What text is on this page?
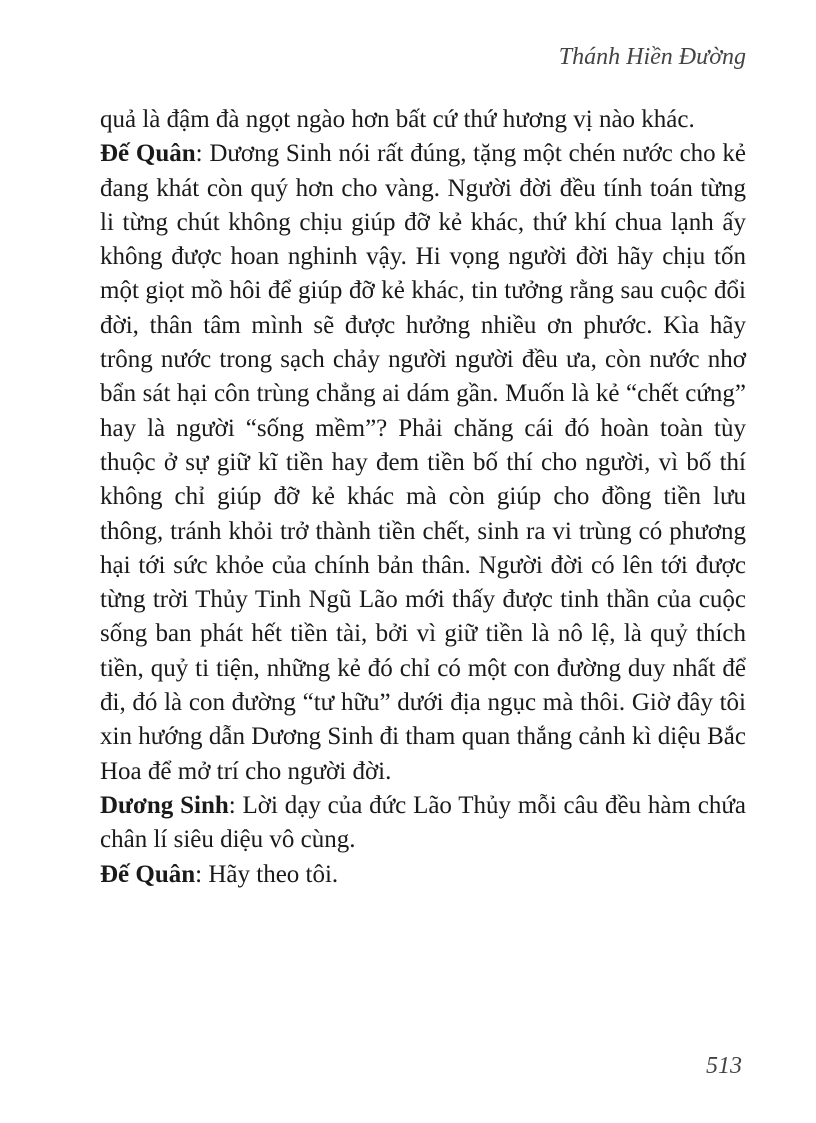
Thánh Hiền Đường

quả là đậm đà ngọt ngào hơn bất cứ thứ hương vị nào khác.

Đế Quân: Dương Sinh nói rất đúng, tặng một chén nước cho kẻ đang khát còn quý hơn cho vàng. Người đời đều tính toán từng li từng chút không chịu giúp đỡ kẻ khác, thứ khí chua lạnh ấy không được hoan nghinh vậy. Hi vọng người đời hãy chịu tốn một giọt mồ hôi để giúp đỡ kẻ khác, tin tưởng rằng sau cuộc đổi đời, thân tâm mình sẽ được hưởng nhiều ơn phước. Kìa hãy trông nước trong sạch chảy người người đều ưa, còn nước nhơ bẩn sát hại côn trùng chẳng ai dám gần. Muốn là kẻ “chết cứng” hay là người “sống mềm”? Phải chăng cái đó hoàn toàn tùy thuộc ở sự giữ kĩ tiền hay đem tiền bố thí cho người, vì bố thí không chỉ giúp đỡ kẻ khác mà còn giúp cho đồng tiền lưu thông, tránh khỏi trở thành tiền chết, sinh ra vi trùng có phương hại tới sức khỏe của chính bản thân. Người đời có lên tới được từng trời Thủy Tinh Ngũ Lão mới thấy được tinh thần của cuộc sống ban phát hết tiền tài, bởi vì giữ tiền là nô lệ, là quỷ thích tiền, quỷ ti tiện, những kẻ đó chỉ có một con đường duy nhất để đi, đó là con đường “tư hữu” dưới địa ngục mà thôi. Giờ đây tôi xin hướng dẫn Dương Sinh đi tham quan thắng cảnh kì diệu Bắc Hoa để mở trí cho người đời.

Dương Sinh: Lời dạy của đức Lão Thủy mỗi câu đều hàm chứa chân lí siêu diệu vô cùng.

Đế Quân: Hãy theo tôi.

513
